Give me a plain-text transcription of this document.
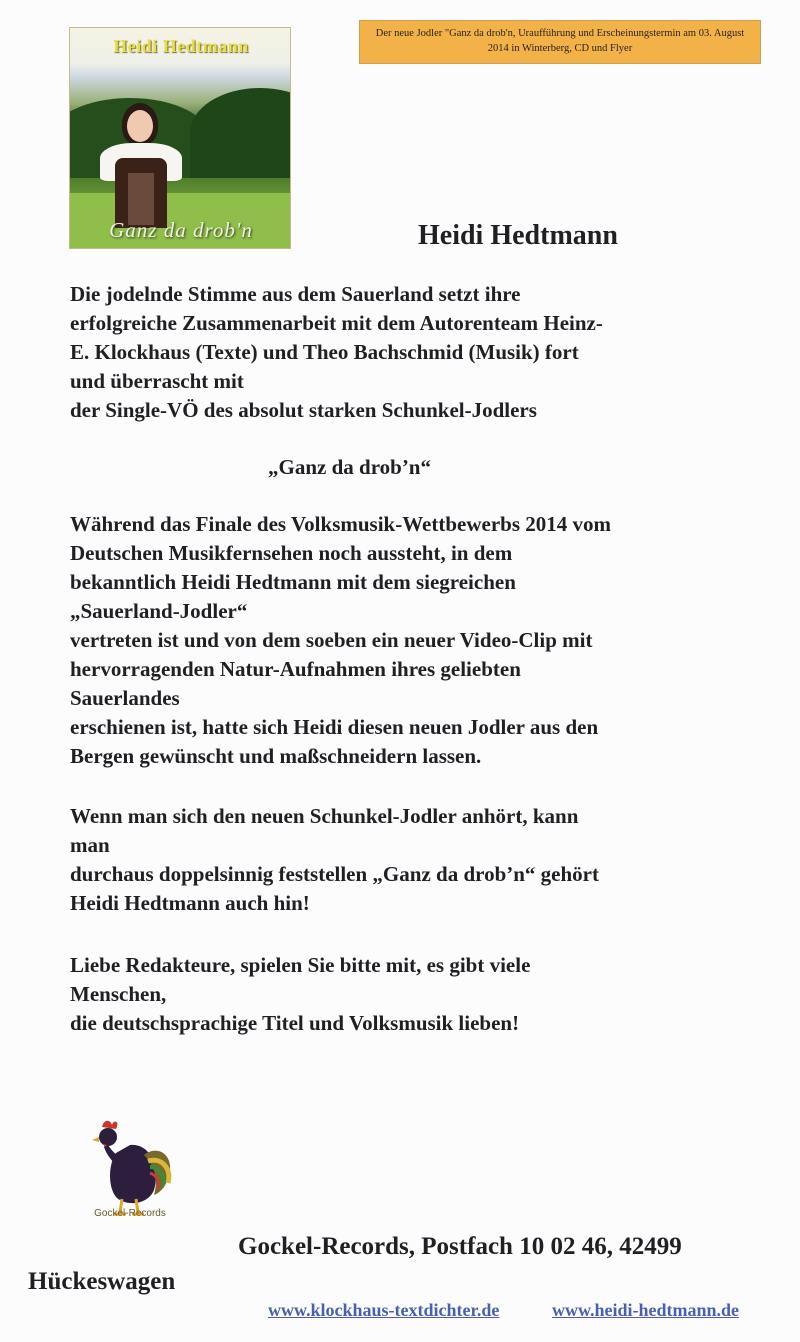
Heidi Hedtmann
Ganz da drob'n
Der neue Jodler "Ganz da drob'n, Uraufführung und Erscheinungstermin am 03. August
2014 in Winterberg, CD und Flyer
Heidi Hedtmann
Die jodelnde Stimme aus dem Sauerland setzt ihre
erfolgreiche Zusammenarbeit mit dem Autorenteam Heinz-
E. Klockhaus (Texte) und Theo Bachschmid (Musik) fort
und überrascht mit
der Single-VÖ des absolut starken Schunkel-Jodlers
„Ganz da drob’n“
Während das Finale des Volksmusik-Wettbewerbs 2014 vom
Deutschen Musikfernsehen noch aussteht, in dem
bekanntlich Heidi Hedtmann mit dem siegreichen
„Sauerland-Jodler“
vertreten ist und von dem soeben ein neuer Video-Clip mit
hervorragenden Natur-Aufnahmen ihres geliebten
Sauerlandes
erschienen ist, hatte sich Heidi diesen neuen Jodler aus den
Bergen gewünscht und maßschneidern lassen.
Wenn man sich den neuen Schunkel-Jodler anhört, kann
man
durchaus doppelsinnig feststellen „Ganz da drob’n“ gehört
Heidi Hedtmann auch hin!
Liebe Redakteure, spielen Sie bitte mit, es gibt viele
Menschen,
die deutschsprachige Titel und Volksmusik lieben!
Gockel-Records
Gockel-Records, Postfach 10 02 46, 42499
Hückeswagen
www.klockhaus-textdichter.de	www.heidi-hedtmann.de
